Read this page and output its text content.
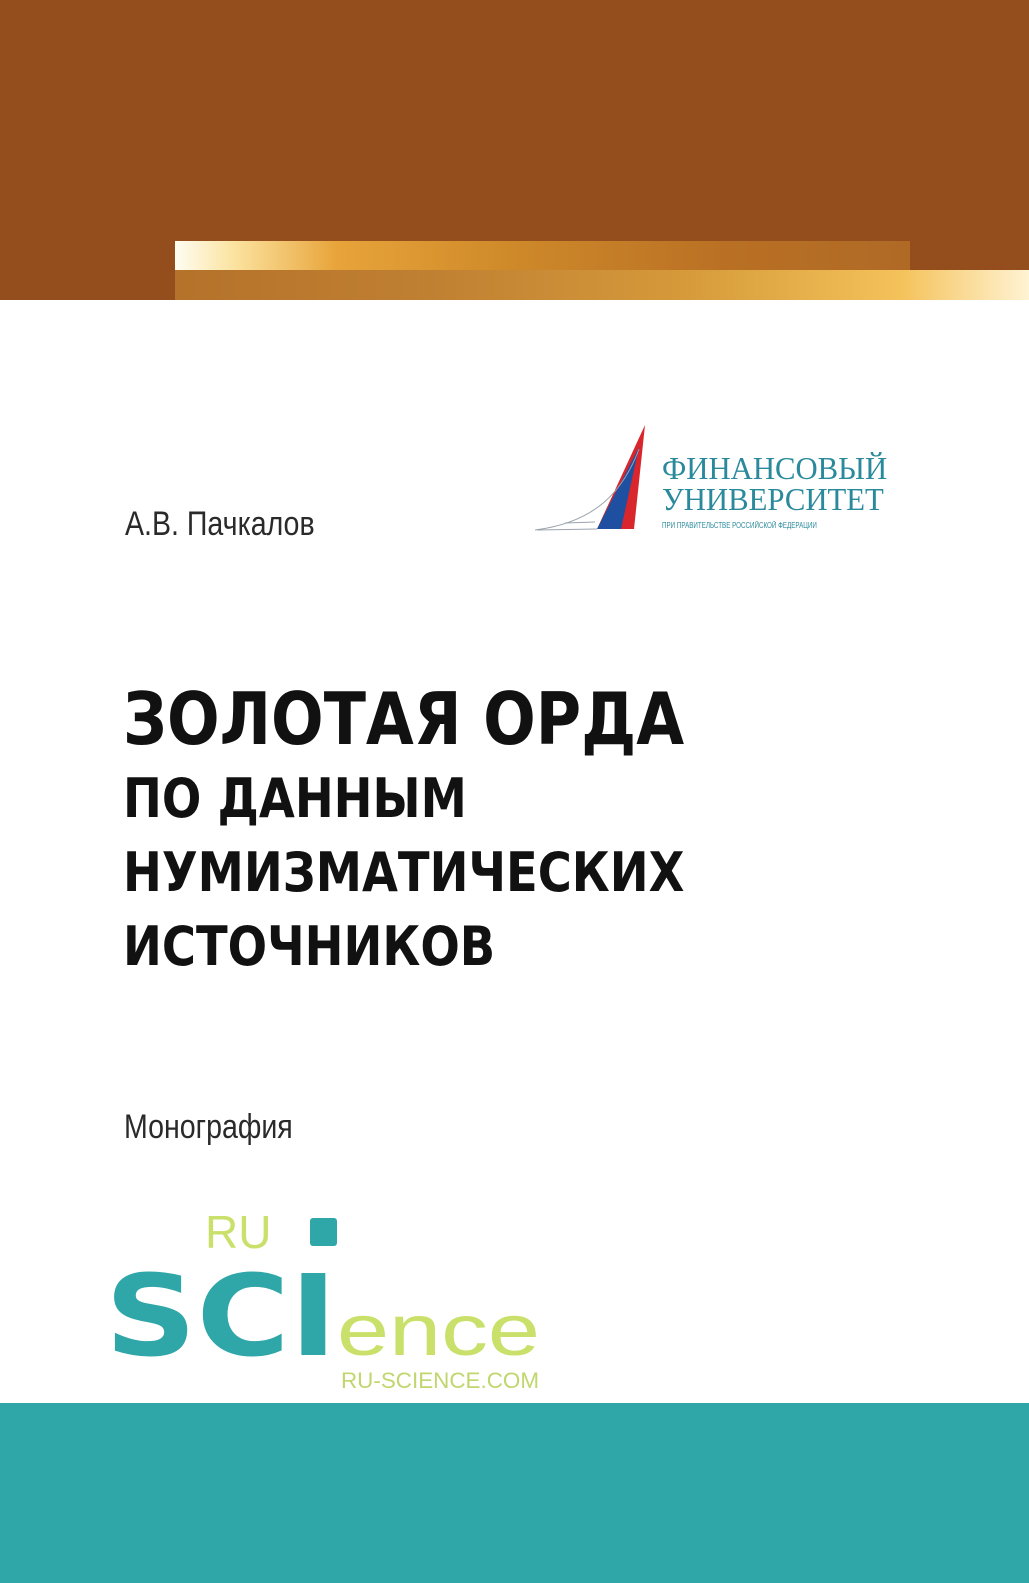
А.В. Пачкалов
ФИНАНСОВЫЙ
УНИВЕРСИТЕТ
ПРИ ПРАВИТЕЛЬСТВЕ РОССИЙСКОЙ ФЕДЕРАЦИИ
ЗОЛОТАЯ ОРДА
ПО ДАННЫМ
НУМИЗМАТИЧЕСКИХ
ИСТОЧНИКОВ
Монография
RU
SCI ence
RU-SCIENCE.COM
